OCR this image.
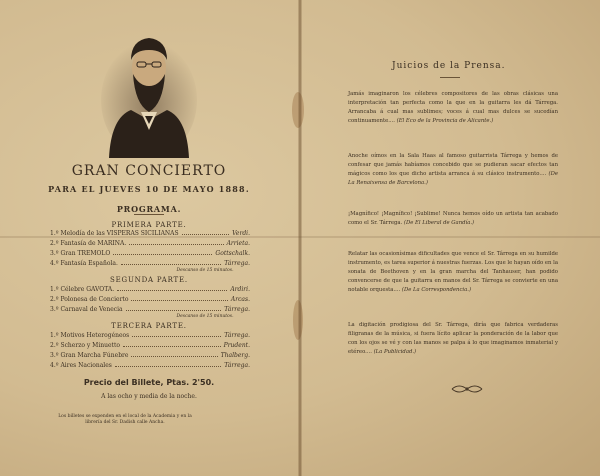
GRAN CONCIERTO
PARA EL JUEVES 10 DE MAYO 1888.
PROGRAMA.
PRIMERA PARTE.
1.º Melodía de las VISPERAS SICILIANAS	Verdi.
2.º Fantasía de MARINA.	Arrieta.
3.º Gran TREMOLO	Gottschalk.
4.º Fantasía Española.	Tárrega.
Descanso de 15 minutos.
SEGUNDA PARTE.
1.º Célebre GAVOTA.	Ardiri.
2.º Polonesa de Concierto	Arcas.
3.º Carnaval de Venecia	Tárrega.
Descanso de 15 minutos.
TERCERA PARTE.
1.º Motivos Heterogéneos	Tárrega.
2.º Scherzo y Minuetto	Prudent.
3.º Gran Marcha Fúnebre	Thalberg.
4.º Aires Nacionales	Tárrega.
Precio del Billete, Ptas. 2'50.
A las ocho y media de la noche.
Los billetes se expenden en el local de la Academia y en la librería del Sr. Dadish calle Ancha.
Juicios de la Prensa.

Jamás imaginaron los célebres compositores de las obras clásicas una interpretación tan perfecta como la que en la guitarra les dá Tárrega. Arrancaba á cual mas sublimes; voces á cual mas dulces se sucedían continuamente.... (El Eco de la Provincia de Alicante.)

Anoche oímos en la Sala Haas al famoso guitarrista Tárrega y hemos de confesar que jamás habíamos concebido que se pudieran sacar efectos tan mágicos como los que dicho artista arranca á su clásico instrumento.... (De La Renaixensa de Barcelona.)

¡Magnífico! ¡Magnífico! ¡Sublime! Nunca hemos oído un artista tan acabado como el Sr. Tárrega. (De El Liberal de Gandía.)

Relatar las ocasionísimas dificultades que vence el Sr. Tárrega en su humilde instrumento, es tarea superior á nuestras fuerzas. Los que le hayan oído en la sonata de Beethoven y en la gran marcha del Tanhauser, han podido convencerse de que la guitarra en manos del Sr. Tárrega se convierte en una notable orquesta.... (De La Correspondencia.)

La digitación prodigiosa del Sr. Tárrega, diría que fabrica verdaderas filigranas de la música, si fuera lícito aplicar la ponderación de la labor que con los ojos se vé y con las manos se palpa á lo que imaginamos inmaterial y etéreo.... (La Publicidad.)
